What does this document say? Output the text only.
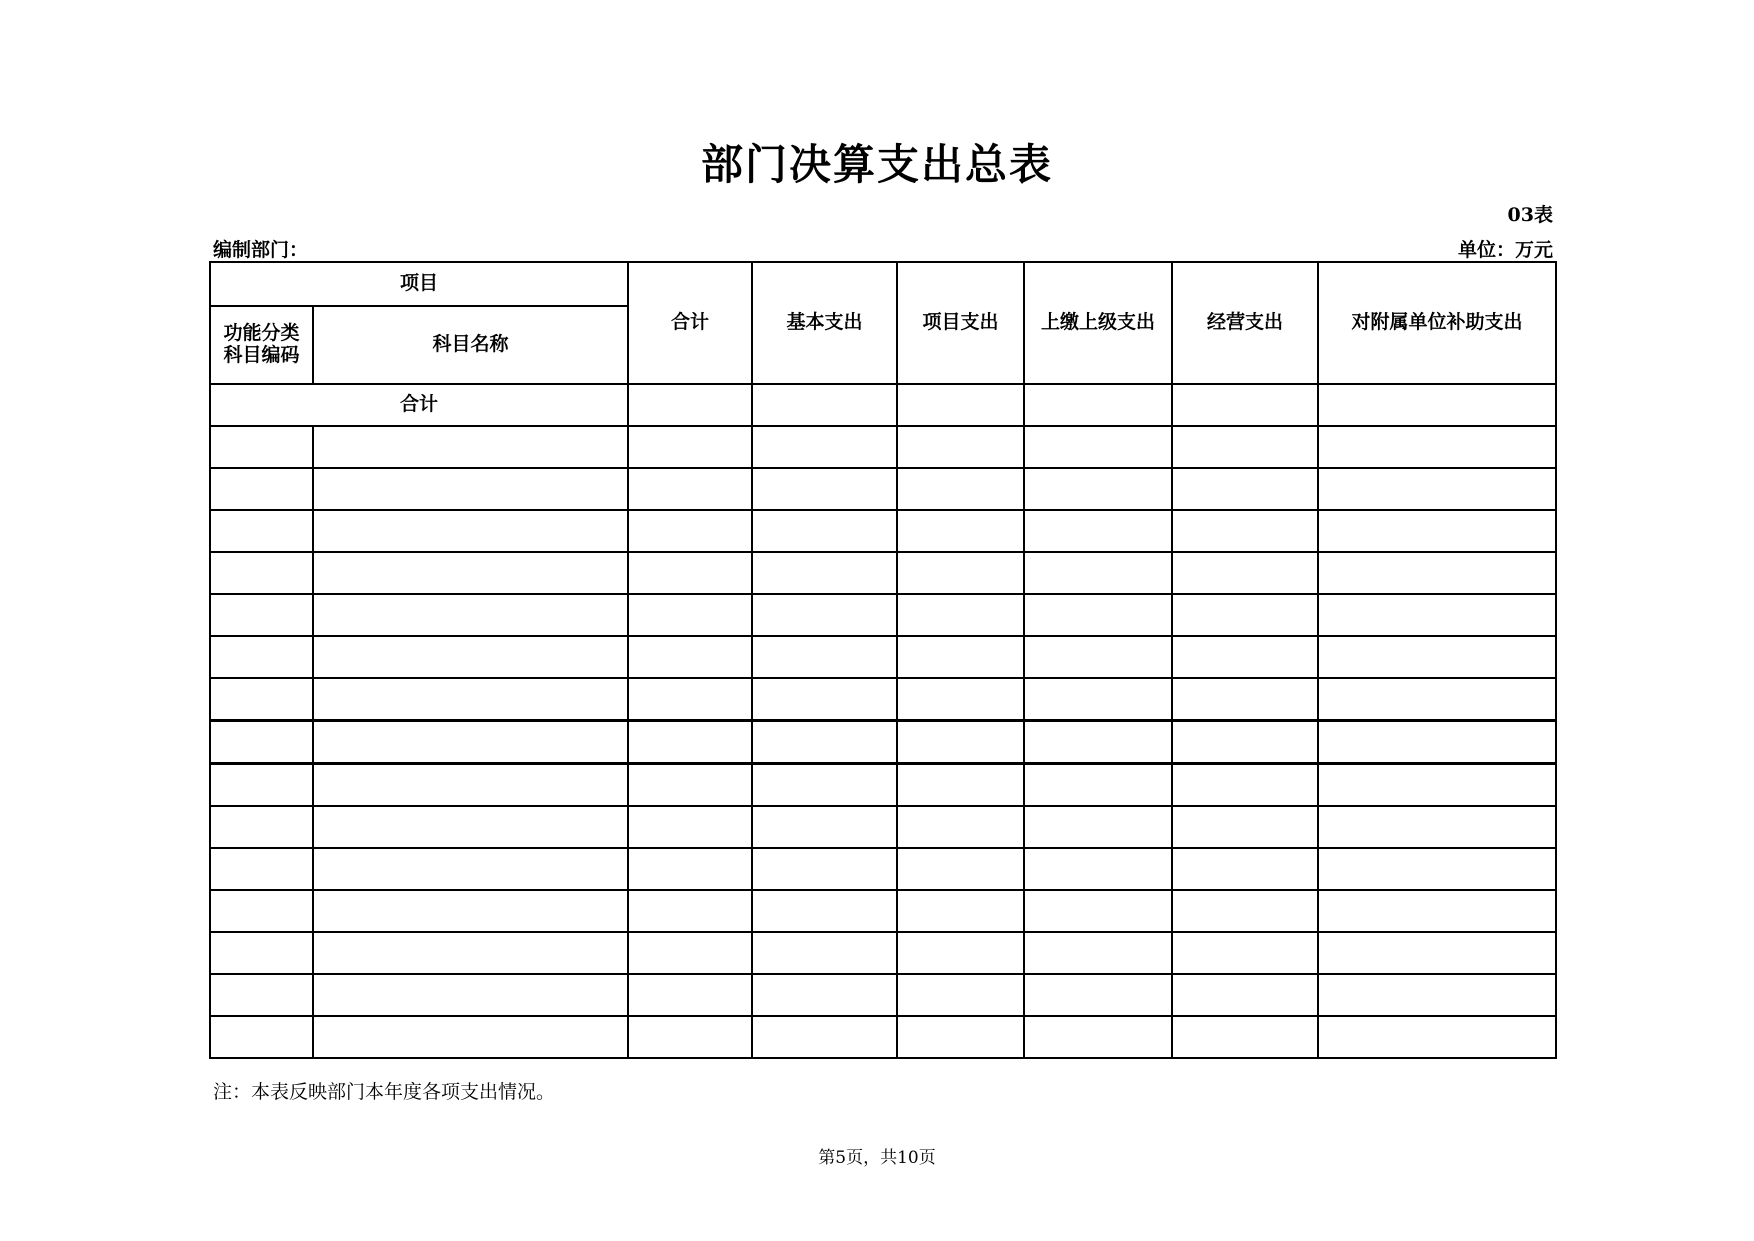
部门决算支出总表
03表
编制部门：	单位：万元
项目		合计	基本支出	项目支出	上缴上级支出	经营支出	对附属单位补助支出
功能分类科目编码	科目名称						
合计							

注：本表反映部门本年度各项支出情况。
第5页，共10页
